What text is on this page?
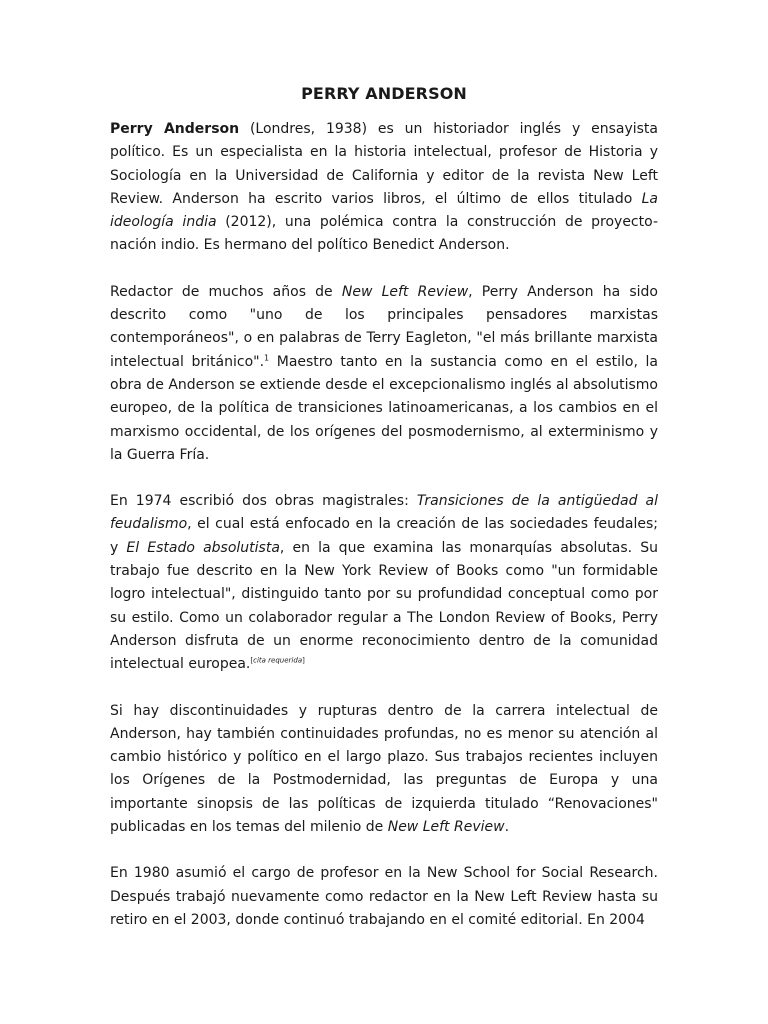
PERRY ANDERSON

Perry Anderson (Londres, 1938) es un historiador inglés y ensayista político. Es un especialista en la historia intelectual, profesor de Historia y Sociología en la Universidad de California y editor de la revista New Left Review. Anderson ha escrito varios libros, el último de ellos titulado La ideología india (2012), una polémica contra la construcción de proyecto-nación indio. Es hermano del político Benedict Anderson.

Redactor de muchos años de New Left Review, Perry Anderson ha sido descrito como "uno de los principales pensadores marxistas contemporáneos", o en palabras de Terry Eagleton, "el más brillante marxista intelectual británico".$^1$ Maestro tanto en la sustancia como en el estilo, la obra de Anderson se extiende desde el excepcionalismo inglés al absolutismo europeo, de la política de transiciones latinoamericanas, a los cambios en el marxismo occidental, de los orígenes del posmodernismo, al exterminismo y la Guerra Fría.

En 1974 escribió dos obras magistrales: Transiciones de la antigüedad al feudalismo, el cual está enfocado en la creación de las sociedades feudales; y El Estado absolutista, en la que examina las monarquías absolutas. Su trabajo fue descrito en la New York Review of Books como "un formidable logro intelectual", distinguido tanto por su profundidad conceptual como por su estilo. Como un colaborador regular a The London Review of Books, Perry Anderson disfruta de un enorme reconocimiento dentro de la comunidad intelectual europea.[cita requerida]

Si hay discontinuidades y rupturas dentro de la carrera intelectual de Anderson, hay también continuidades profundas, no es menor su atención al cambio histórico y político en el largo plazo. Sus trabajos recientes incluyen los Orígenes de la Postmodernidad, las preguntas de Europa y una importante sinopsis de las políticas de izquierda titulado “Renovaciones" publicadas en los temas del milenio de New Left Review.

En 1980 asumió el cargo de profesor en la New School for Social Research. Después trabajó nuevamente como redactor en la New Left Review hasta su retiro en el 2003, donde continuó trabajando en el comité editorial. En 2004
